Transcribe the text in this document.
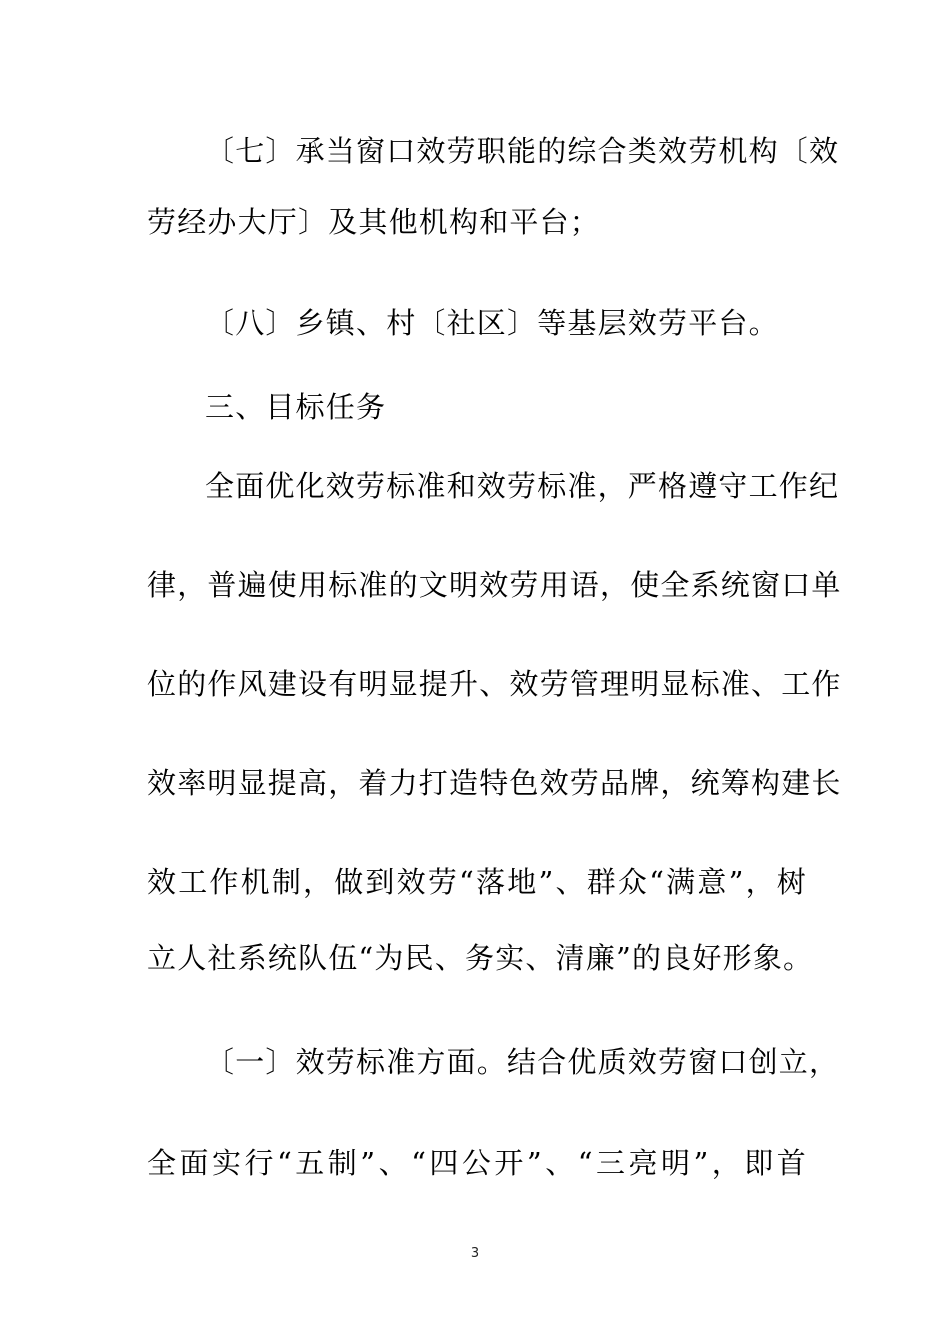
〔七〕承当窗口效劳职能的综合类效劳机构〔效
劳经办大厅〕及其他机构和平台；
〔八〕乡镇、村〔社区〕等基层效劳平台。
三、目标任务
全面优化效劳标准和效劳标准，严格遵守工作纪
律，普遍使用标准的文明效劳用语，使全系统窗口单
位的作风建设有明显提升、效劳管理明显标准、工作
效率明显提高，着力打造特色效劳品牌，统筹构建长
效工作机制，做到效劳“落地”、群众“满意”，树
立人社系统队伍“为民、务实、清廉”的良好形象。
〔一〕效劳标准方面。结合优质效劳窗口创立，
全面实行“五制”、“四公开”、“三亮明”，即首
3
